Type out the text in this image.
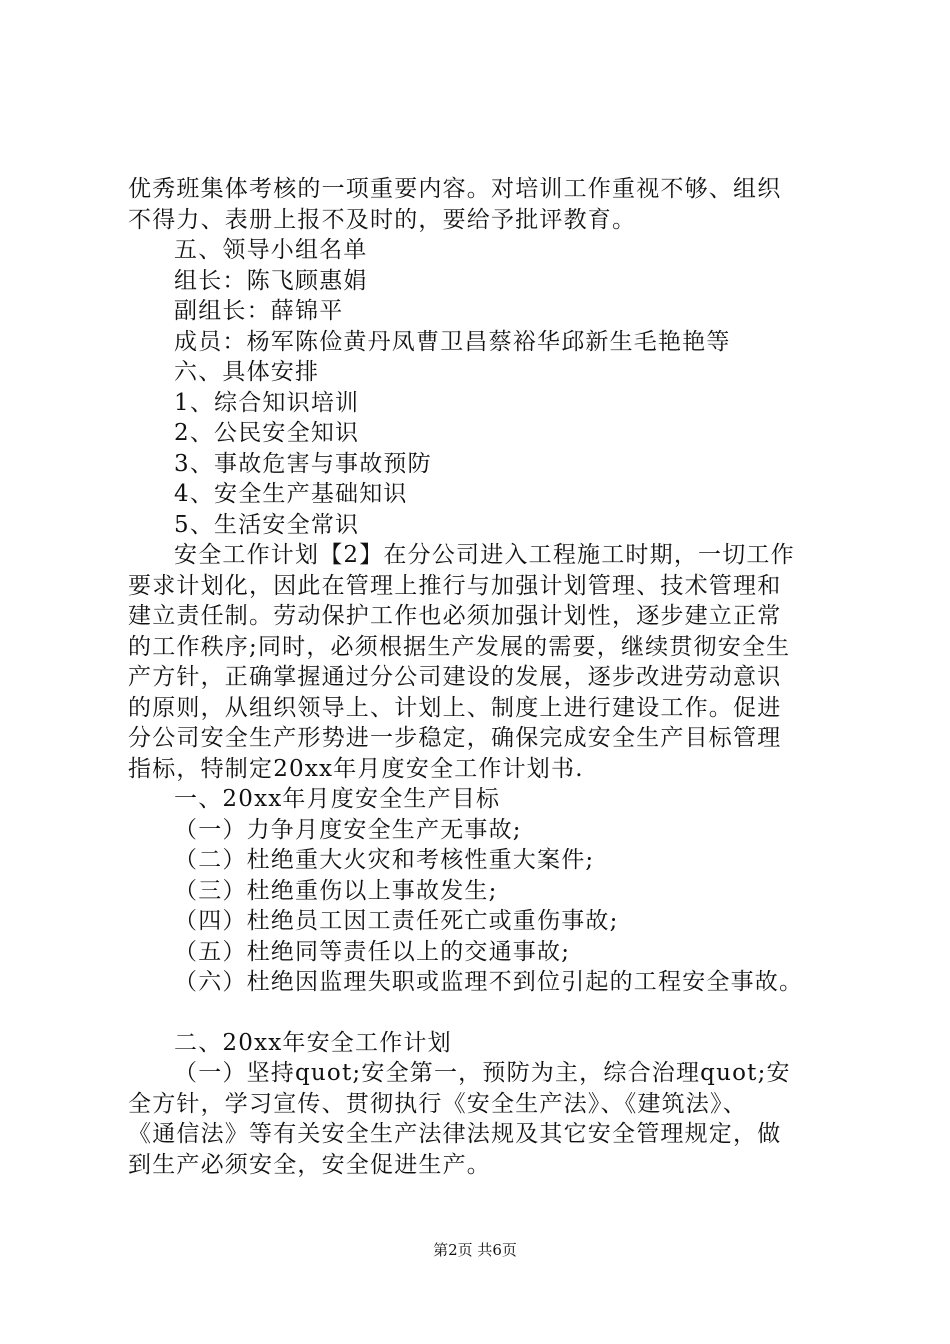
优秀班集体考核的一项重要内容。对培训工作重视不够、组织
不得力、表册上报不及时的，要给予批评教育。
五、领导小组名单
组长：陈飞顾惠娟
副组长：薛锦平
成员：杨军陈俭黄丹凤曹卫昌蔡裕华邱新生毛艳艳等
六、具体安排
1、综合知识培训
2、公民安全知识
3、事故危害与事故预防
4、安全生产基础知识
5、生活安全常识
安全工作计划【2】在分公司进入工程施工时期，一切工作
要求计划化，因此在管理上推行与加强计划管理、技术管理和
建立责任制。劳动保护工作也必须加强计划性，逐步建立正常
的工作秩序;同时，必须根据生产发展的需要，继续贯彻安全生
产方针，正确掌握通过分公司建设的发展，逐步改进劳动意识
的原则，从组织领导上、计划上、制度上进行建设工作。促进
分公司安全生产形势进一步稳定，确保完成安全生产目标管理
指标，特制定20xx年月度安全工作计划书.
一、20xx年月度安全生产目标
（一）力争月度安全生产无事故;
（二）杜绝重大火灾和考核性重大案件;
（三）杜绝重伤以上事故发生;
（四）杜绝员工因工责任死亡或重伤事故;
（五）杜绝同等责任以上的交通事故;
（六）杜绝因监理失职或监理不到位引起的工程安全事故。
二、20xx年安全工作计划
（一）坚持quot;安全第一，预防为主，综合治理quot;安
全方针，学习宣传、贯彻执行《安全生产法》、《建筑法》、
《通信法》等有关安全生产法律法规及其它安全管理规定，做
到生产必须安全，安全促进生产。
第2页 共6页
